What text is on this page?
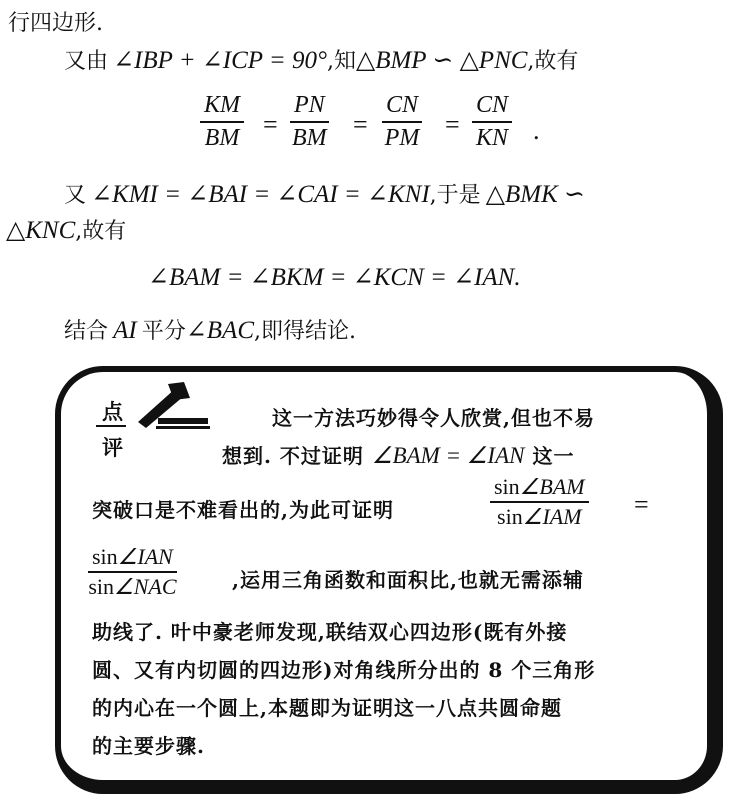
行四边形.
又由 ∠IBP + ∠ICP = 90°,知△BMP ∽ △PNC,故有
$\frac{KM}{BM} = \frac{PN}{BM} = \frac{CN}{PM} = \frac{CN}{KN}$ .
又 ∠KMI = ∠BAI = ∠CAI = ∠KNI,于是 △BMK ∽
△KNC,故有
∠BAM = ∠BKM = ∠KCN = ∠IAN.
结合 AI 平分∠BAC,即得结论.
点
评
这一方法巧妙得令人欣赏,但也不易
想到. 不过证明 ∠BAM = ∠IAN 这一
突破口是不难看出的,为此可证明
sin∠BAM
sin∠IAM =
sin∠IAN
sin∠NAC	,运用三角函数和面积比,也就无需添辅
助线了. 叶中豪老师发现,联结双心四边形(既有外接
圆、又有内切圆的四边形)对角线所分出的 8 个三角形
的内心在一个圆上,本题即为证明这一八点共圆命题
的主要步骤.
